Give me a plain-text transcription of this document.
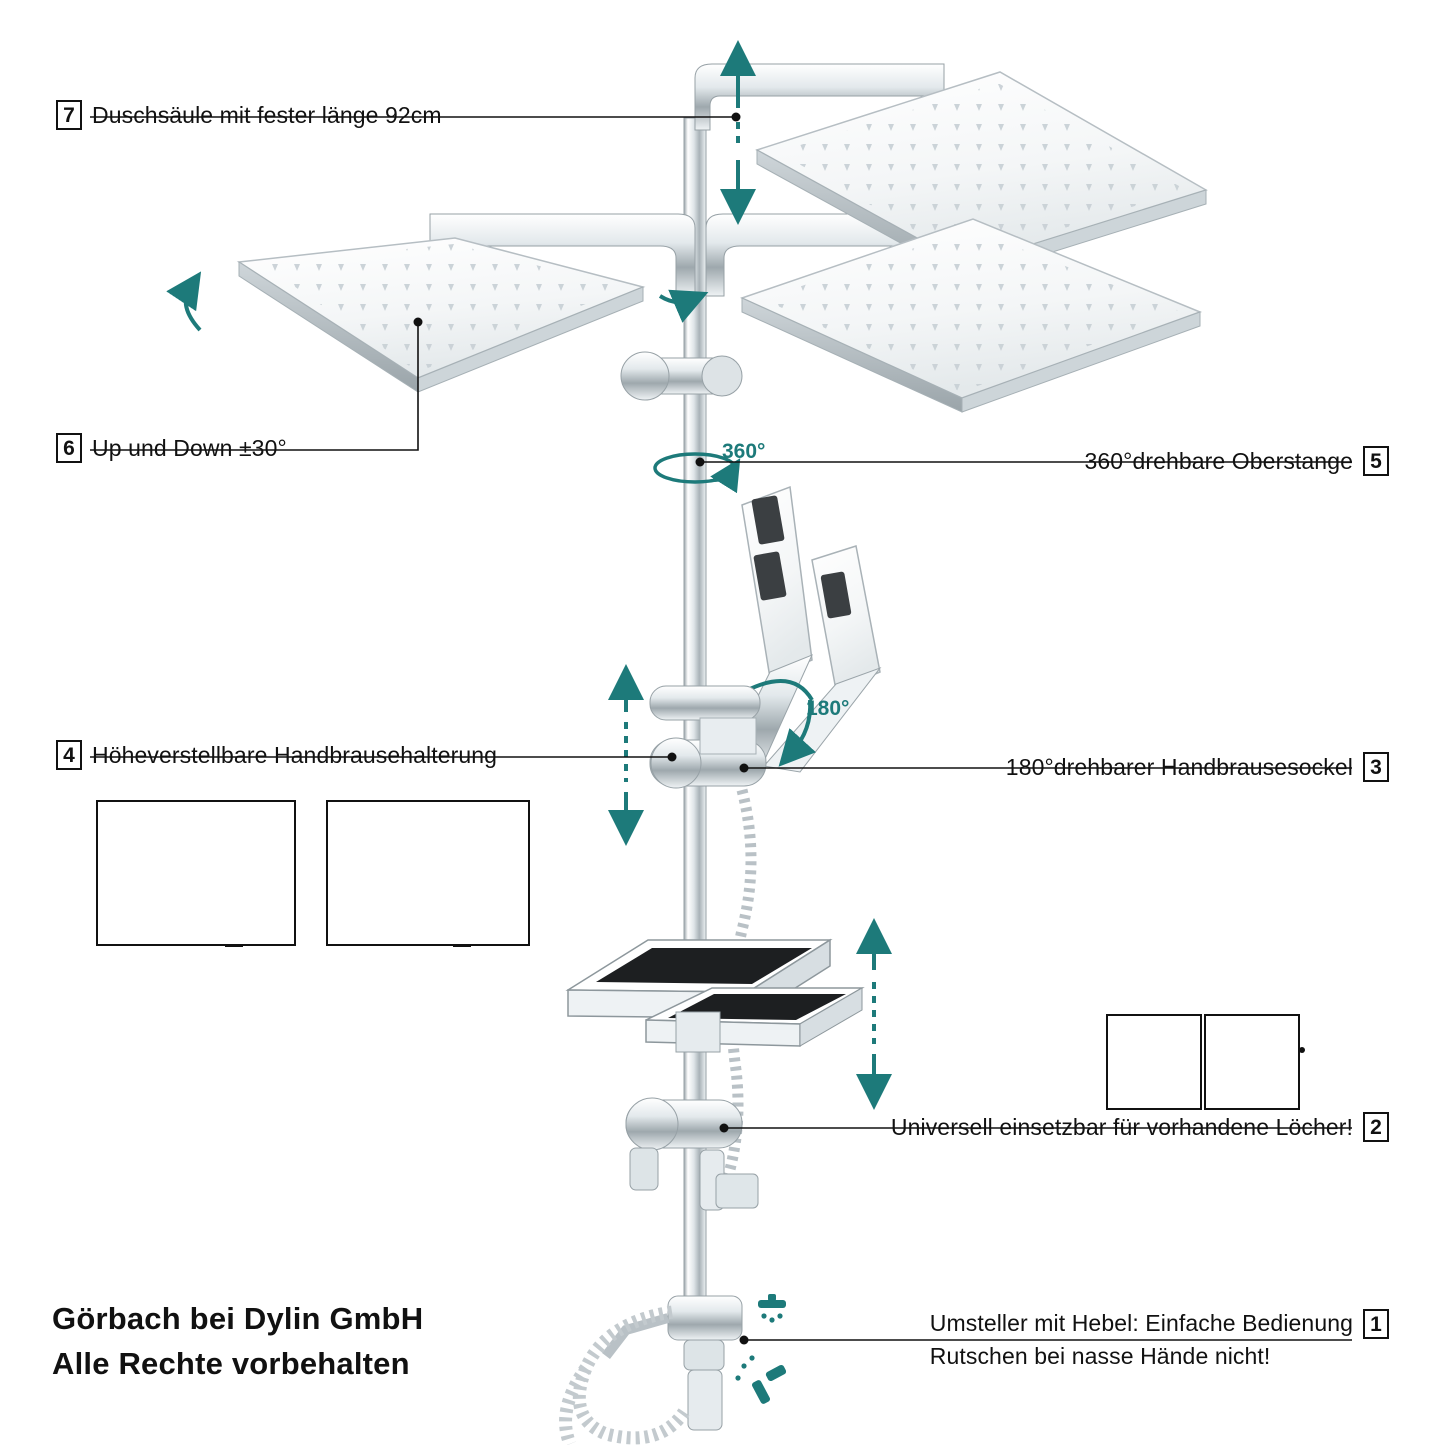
7 Duschsäule mit fester länge 92cm
6 Up und Down ±30°	360°drehbare Oberstange 5
4 Höheverstellbare Handbrausehalterung	180°drehbarer Handbrausesockel 3
Universell einsetzbar für vorhandene Löcher! 2
Umsteller mit Hebel: Einfache Bedienung
Rutschen bei nasse Hände nicht!
1
360°
180°
Görbach bei Dylin GmbH
Alle Rechte vorbehalten
